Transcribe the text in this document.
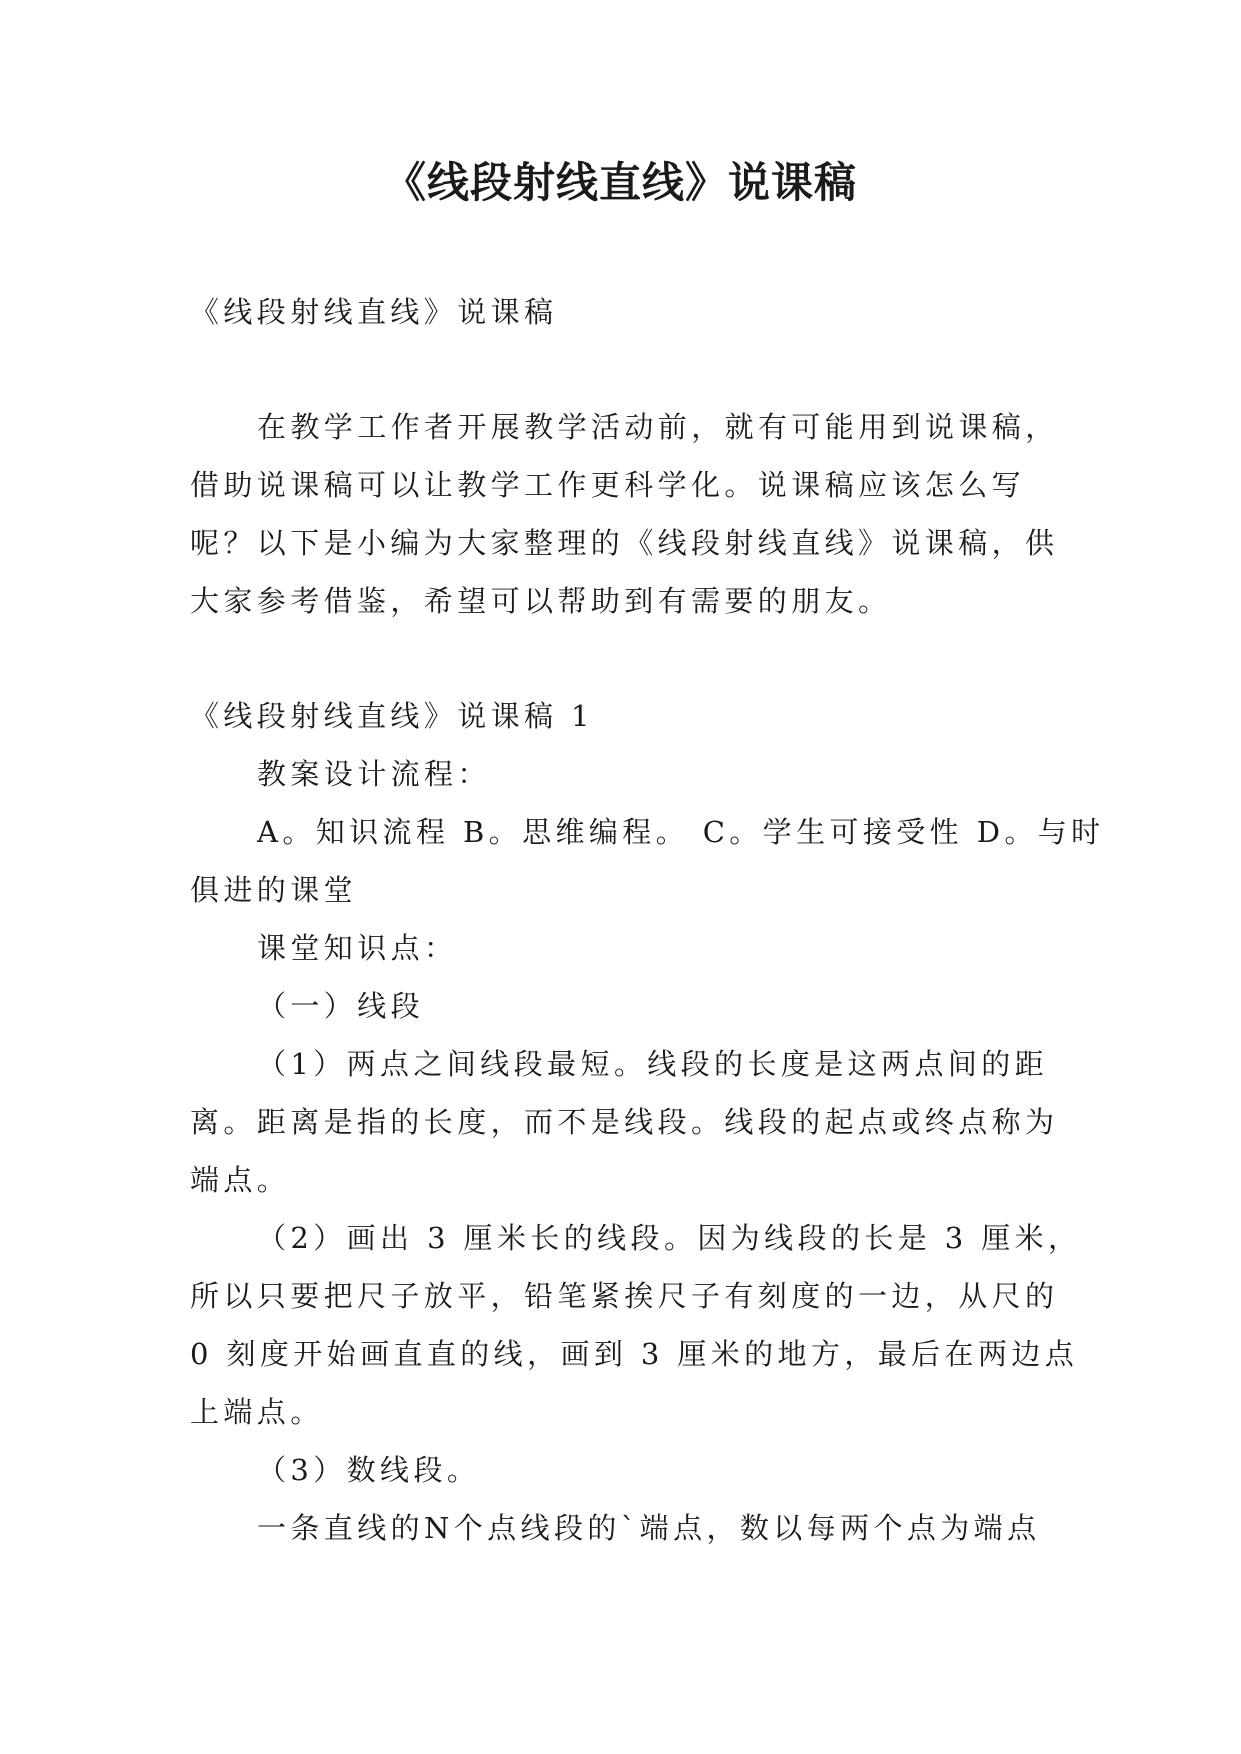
《线段射线直线》说课稿
《线段射线直线》说课稿
在教学工作者开展教学活动前，就有可能用到说课稿，
借助说课稿可以让教学工作更科学化。说课稿应该怎么写
呢？以下是小编为大家整理的《线段射线直线》说课稿，供
大家参考借鉴，希望可以帮助到有需要的朋友。
《线段射线直线》说课稿 1
教案设计流程：
A。知识流程 B。思维编程。 C。学生可接受性 D。与时
俱进的课堂
课堂知识点：
（一）线段
（1）两点之间线段最短。线段的长度是这两点间的距
离。距离是指的长度，而不是线段。线段的起点或终点称为
端点。
（2）画出 3 厘米长的线段。因为线段的长是 3 厘米，
所以只要把尺子放平，铅笔紧挨尺子有刻度的一边，从尺的
0 刻度开始画直直的线，画到 3 厘米的地方，最后在两边点
上端点。
（3）数线段。
一条直线的N个点线段的`端点，数以每两个点为端点
